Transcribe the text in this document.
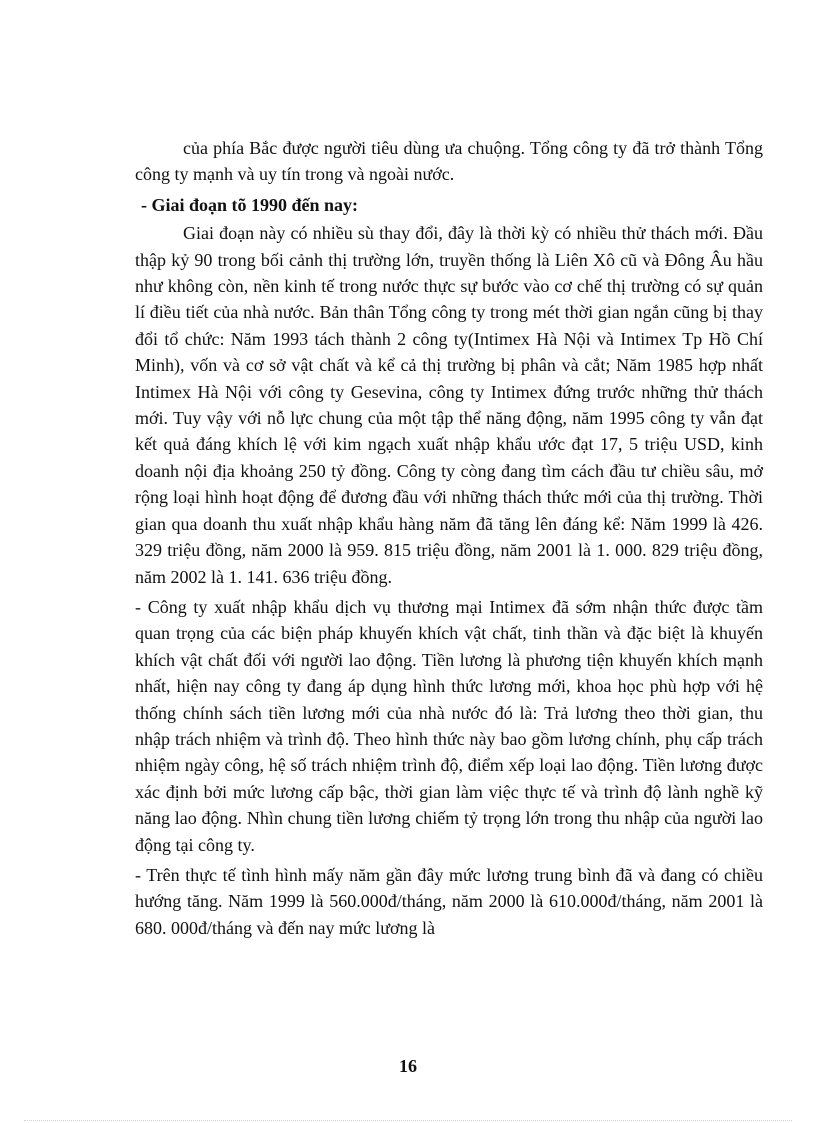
của phía Bắc được người tiêu dùng ưa chuộng. Tổng công ty đã trở thành Tổng công ty mạnh và uy tín trong và ngoài nước.

- Giai đoạn tõ 1990 đến nay:

Giai đoạn này có nhiều sù thay đổi, đây là thời kỳ có nhiều thử thách mới. Đầu thập kỷ 90 trong bối cảnh thị trường lớn, truyền thống là Liên Xô cũ và Đông Âu hầu như không còn, nền kinh tế trong nước thực sự bước vào cơ chế thị trường có sự quản lí điều tiết của nhà nước. Bản thân Tổng công ty trong mét thời gian ngắn cũng bị thay đổi tổ chức: Năm 1993 tách thành 2 công ty(Intimex Hà Nội và Intimex Tp Hồ Chí Minh), vốn và cơ sở vật chất và kể cả thị trường bị phân và cắt; Năm 1985 hợp nhất Intimex Hà Nội với công ty Gesevina, công ty Intimex đứng trước những thử thách mới. Tuy vậy với nỗ lực chung của một tập thể năng động, năm 1995 công ty vẫn đạt kết quả đáng khích lệ với kim ngạch xuất nhập khẩu ước đạt 17, 5 triệu USD, kinh doanh nội địa khoảng 250 tỷ đồng. Công ty còng đang tìm cách đầu tư chiều sâu, mở rộng loại hình hoạt động để đương đầu với những thách thức mới của thị trường. Thời gian qua doanh thu xuất nhập khẩu hàng năm đã tăng lên đáng kể: Năm 1999 là 426. 329 triệu đồng, năm 2000 là 959. 815 triệu đồng, năm 2001 là 1. 000. 829 triệu đồng, năm 2002 là 1. 141. 636 triệu đồng.

- Công ty xuất nhập khẩu dịch vụ thương mại Intimex đã sớm nhận thức được tầm quan trọng của các biện pháp khuyến khích vật chất, tinh thần và đặc biệt là khuyến khích vật chất đối với người lao động. Tiền lương là phương tiện khuyến khích mạnh nhất, hiện nay công ty đang áp dụng hình thức lương mới, khoa học phù hợp với hệ thống chính sách tiền lương mới của nhà nước đó là: Trả lương theo thời gian, thu nhập trách nhiệm và trình độ. Theo hình thức này bao gồm lương chính, phụ cấp trách nhiệm ngày công, hệ số trách nhiệm trình độ, điểm xếp loại lao động. Tiền lương được xác định bởi mức lương cấp bậc, thời gian làm việc thực tế và trình độ lành nghề kỹ năng lao động. Nhìn chung tiền lương chiếm tỷ trọng lớn trong thu nhập của người lao động tại công ty.

- Trên thực tế tình hình mấy năm gần đây mức lương trung bình đã và đang có chiều hướng tăng. Năm 1999 là 560.000đ/tháng, năm 2000 là 610.000đ/tháng, năm 2001 là 680. 000đ/tháng và đến nay mức lương là

16
